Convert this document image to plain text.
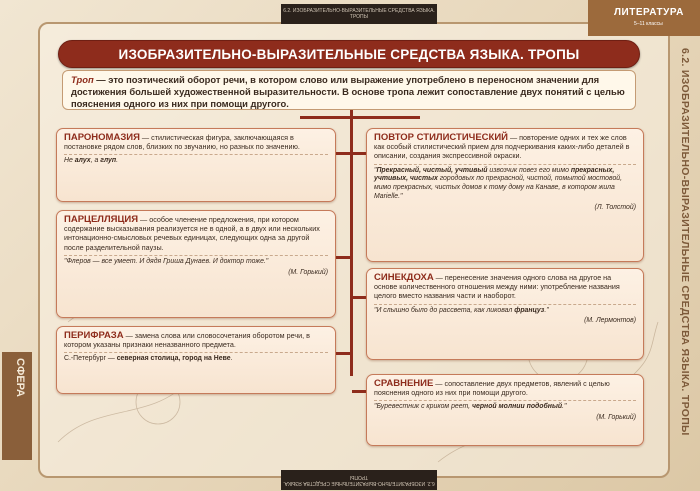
6.2. ИЗОБРАЗИТЕЛЬНО-ВЫРАЗИТЕЛЬНЫЕ СРЕДСТВА ЯЗЫКА. ТРОПЫ
6.2. ИЗОБРАЗИТЕЛЬНО-ВЫРАЗИТЕЛЬНЫЕ СРЕДСТВА ЯЗЫКА. ТРОПЫ
ЛИТЕРАТУРА
5–11 классы
6.2. ИЗОБРАЗИТЕЛЬНО-ВЫРАЗИТЕЛЬНЫЕ СРЕДСТВА ЯЗЫКА. ТРОПЫ
СФЕРА
ИЗОБРАЗИТЕЛЬНО-ВЫРАЗИТЕЛЬНЫЕ СРЕДСТВА ЯЗЫКА. ТРОПЫ
Троп — это поэтический оборот речи, в котором слово или выражение употреблено в переносном значении для достижения большей художественной выразительности. В основе тропа лежит сопоставление двух понятий с целью пояснения одного из них при помощи другого.
ПАРОНОМАЗИЯ — стилистическая фигура, заключающаяся в постановке рядом слов, близких по звучанию, но разных по значению.
Не алух, а глуп.
ПАРЦЕЛЛЯЦИЯ — особое членение предложения, при котором содержание высказывания реализуется не в одной, а в двух или нескольких интонационно-смысловых речевых единицах, следующих одна за другой после разделительной паузы.
"Флеров — все умеет. И дядя Гриша Дунаев. И доктор тоже."
(М. Горький)
ПЕРИФРАЗА — замена слова или словосочетания оборотом речи, в котором указаны признаки неназванного предмета.
С.-Петербург — северная столица, город на Неве.
ПОВТОР СТИЛИСТИЧЕСКИЙ — повторение одних и тех же слов как особый стилистический прием для подчеркивания каких-либо деталей в описании, создания экспрессивной окраски.
"Прекрасный, чистый, учтивый извозчик повез его мимо прекрасных, учтивых, чистых городовых по прекрасной, чистой, помытой мостовой, мимо прекрасных, чистых домов к тому дому на Канаве, в котором жила Marielle."
(Л. Толстой)
СИНЕКДОХА — перенесение значения одного слова на другое на основе количественного отношения между ними: употребление названия целого вместо названия части и наоборот.
"И слышно было до рассвета, как ликовал француз."
(М. Лермонтов)
СРАВНЕНИЕ — сопоставление двух предметов, явлений с целью пояснения одного из них при помощи другого.
"Буревестник с криком реет, черной молнии подобный."
(М. Горький)
